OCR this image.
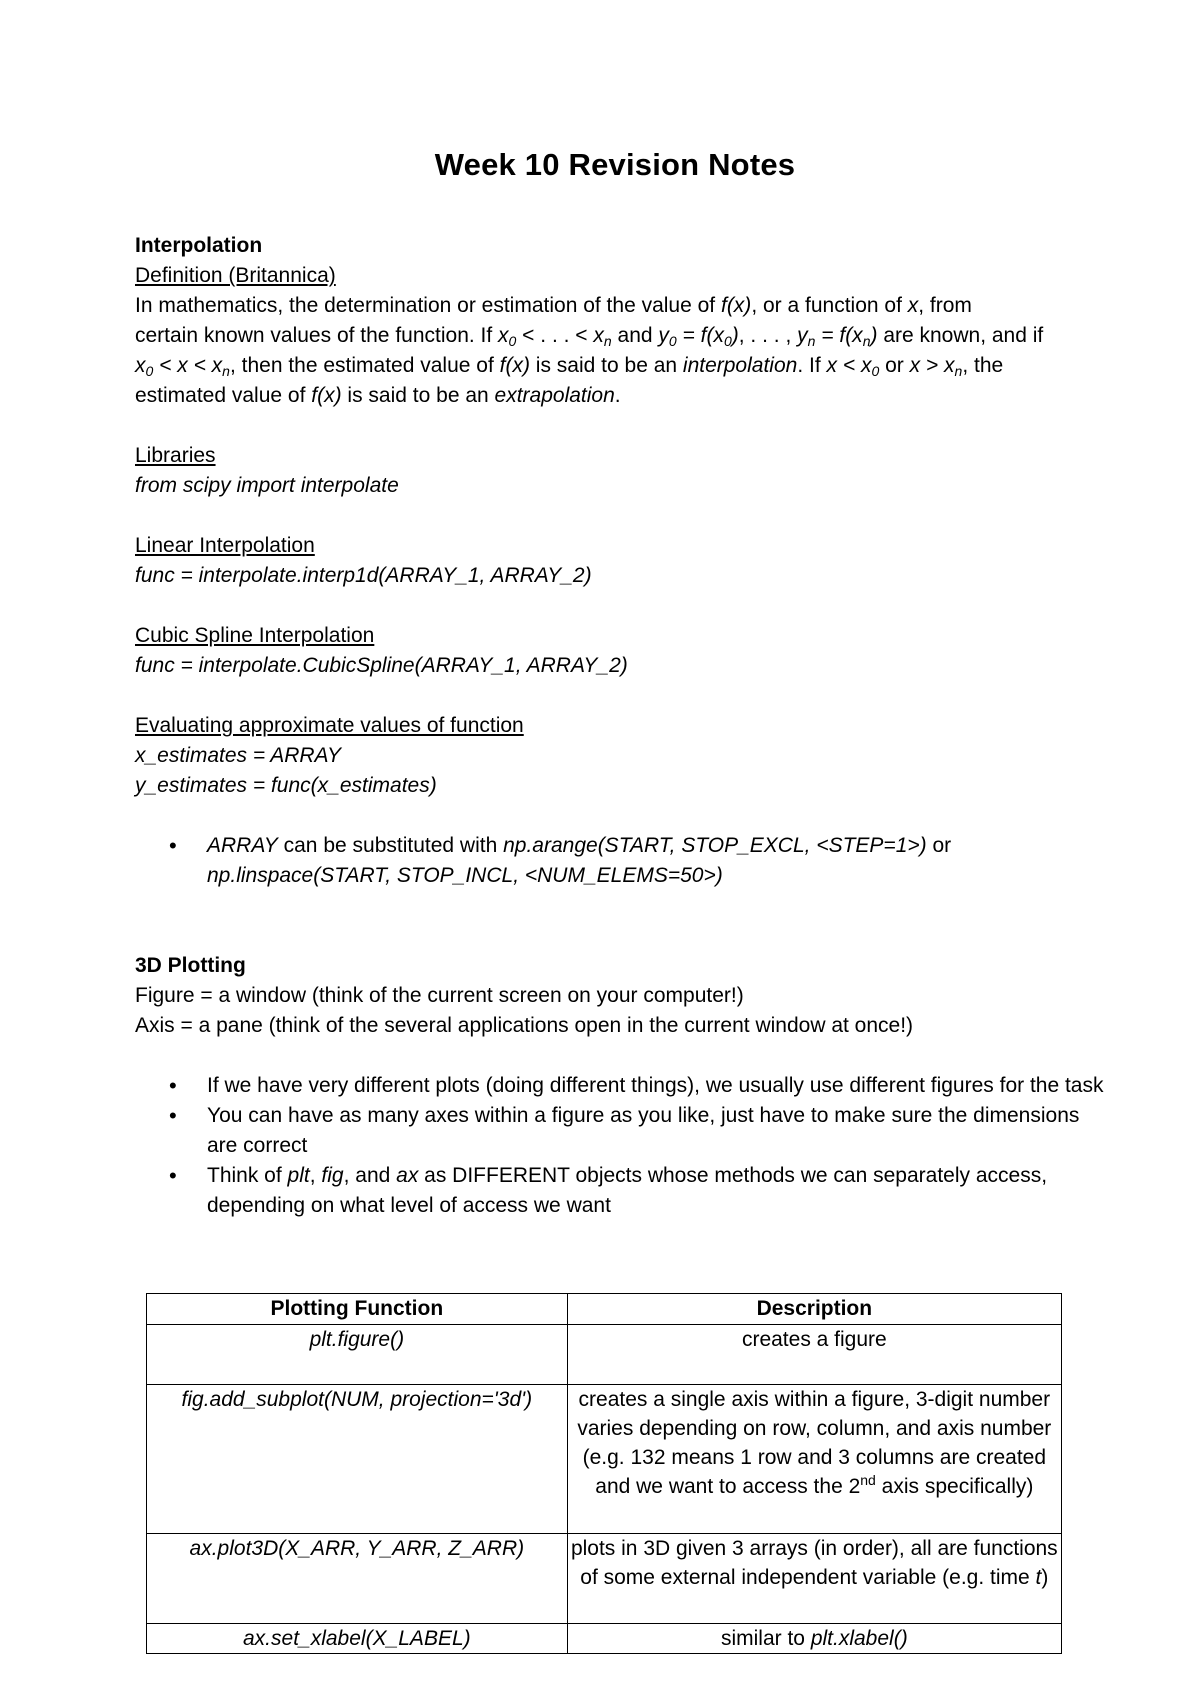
Week 10 Revision Notes

Interpolation

Definition (Britannica)

In mathematics, the determination or estimation of the value of f(x), or a function of x, from

certain known values of the function. If $x_0$ < . . . < $x_n$ and $y_0 = f(x_0)$, . . . , $y_n = f(x_n)$ are known, and if

$x_0 < x < x_n$, then the estimated value of f(x) is said to be an interpolation. If $x < x_0$ or $x > x_n$, the

estimated value of f(x) is said to be an extrapolation.

Libraries

from scipy import interpolate

Linear Interpolation

func = interpolate.interp1d(ARRAY_1, ARRAY_2)

Cubic Spline Interpolation

func = interpolate.CubicSpline(ARRAY_1, ARRAY_2)

Evaluating approximate values of function

x_estimates = ARRAY

y_estimates = func(x_estimates)

• ARRAY can be substituted with np.arange(START, STOP_EXCL, <STEP=1>) or
np.linspace(START, STOP_INCL, <NUM_ELEMS=50>)

3D Plotting

Figure = a window (think of the current screen on your computer!)

Axis = a pane (think of the several applications open in the current window at once!)

• If we have very different plots (doing different things), we usually use different figures for the task
• You can have as many axes within a figure as you like, just have to make sure the dimensions are correct
• Think of plt, fig, and ax as DIFFERENT objects whose methods we can separately access, depending on what level of access we want
Plotting Function	Description
plt.figure()	creates a figure
fig.add_subplot(NUM, projection='3d')	creates a single axis within a figure, 3-digit number varies depending on row, column, and axis number (e.g. 132 means 1 row and 3 columns are created and we want to access the 2nd axis specifically)
ax.plot3D(X_ARR, Y_ARR, Z_ARR)	plots in 3D given 3 arrays (in order), all are functions of some external independent variable (e.g. time t)
ax.set_xlabel(X_LABEL)	similar to plt.xlabel()
